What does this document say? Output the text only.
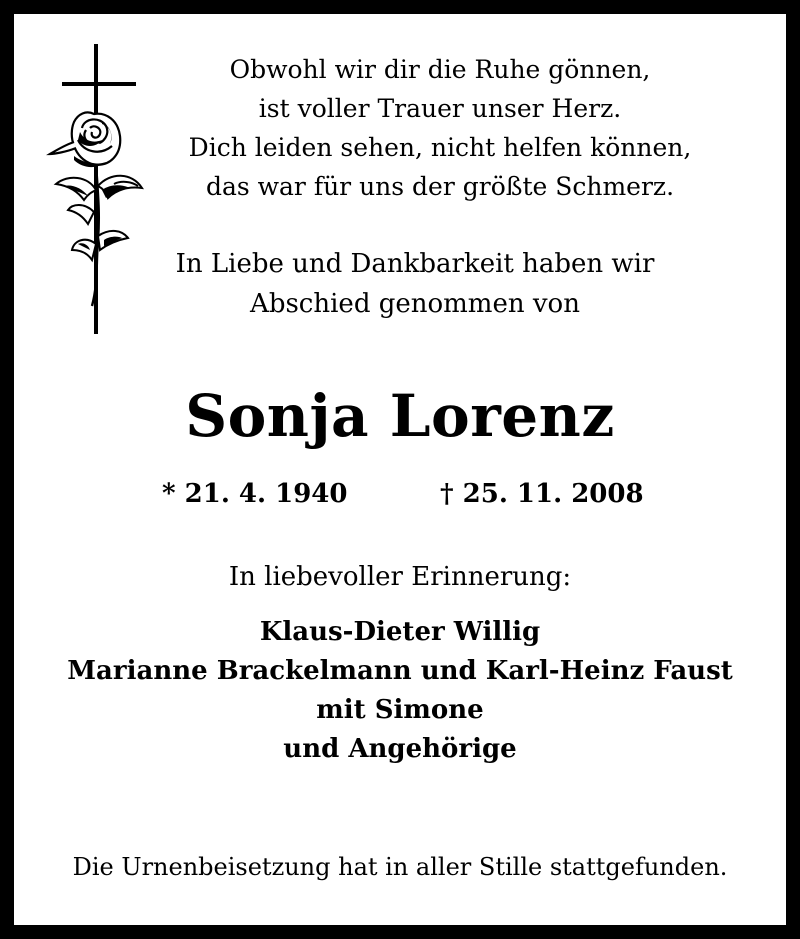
Obwohl wir dir die Ruhe gönnen,

ist voller Trauer unser Herz.

Dich leiden sehen, nicht helfen können,

das war für uns der größte Schmerz.

In Liebe und Dankbarkeit haben wir

Abschied genommen von

Sonja Lorenz
* 21. 4. 1940	† 25. 11. 2008
In liebevoller Erinnerung:

Klaus-Dieter Willig

Marianne Brackelmann und Karl-Heinz Faust

mit Simone

und Angehörige

Die Urnenbeisetzung hat in aller Stille stattgefunden.
